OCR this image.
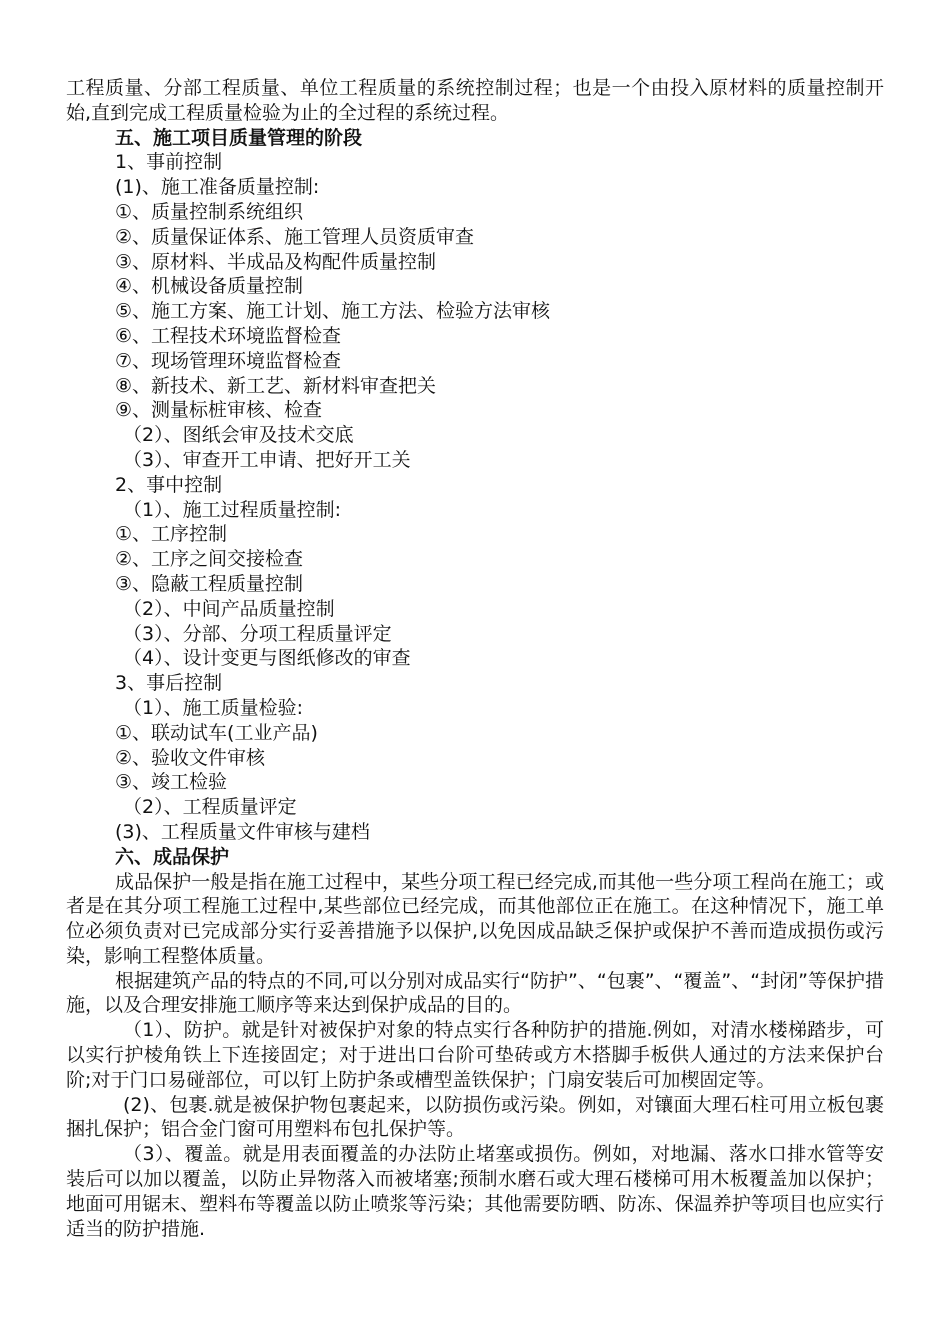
工程质量、分部工程质量、单位工程质量的系统控制过程；也是一个由投入原材料的质量控制开始,直到完成工程质量检验为止的全过程的系统过程。

五、施工项目质量管理的阶段
1、事前控制
(1)、施工准备质量控制:
①、质量控制系统组织
②、质量保证体系、施工管理人员资质审查
③、原材料、半成品及构配件质量控制
④、机械设备质量控制
⑤、施工方案、施工计划、施工方法、检验方法审核
⑥、工程技术环境监督检查
⑦、现场管理环境监督检查
⑧、新技术、新工艺、新材料审查把关
⑨、测量标桩审核、检查
（2）、图纸会审及技术交底
（3）、审查开工申请、把好开工关
2、事中控制
（1）、施工过程质量控制:
①、工序控制
②、工序之间交接检查
③、隐蔽工程质量控制
（2）、中间产品质量控制
（3）、分部、分项工程质量评定
（4）、设计变更与图纸修改的审查
3、事后控制
（1）、施工质量检验:
①、联动试车(工业产品)
②、验收文件审核
③、竣工检验
（2）、工程质量评定
(3)、工程质量文件审核与建档
六、成品保护

成品保护一般是指在施工过程中，某些分项工程已经完成,而其他一些分项工程尚在施工；或者是在其分项工程施工过程中,某些部位已经完成，而其他部位正在施工。在这种情况下，施工单位必须负责对已完成部分实行妥善措施予以保护,以免因成品缺乏保护或保护不善而造成损伤或污染，影响工程整体质量。

根据建筑产品的特点的不同,可以分别对成品实行“防护”、“包裹”、“覆盖”、“封闭”等保护措施，以及合理安排施工顺序等来达到保护成品的目的。

（1）、防护。就是针对被保护对象的特点实行各种防护的措施.例如，对清水楼梯踏步，可以实行护棱角铁上下连接固定；对于进出口台阶可垫砖或方木搭脚手板供人通过的方法来保护台阶;对于门口易碰部位，可以钉上防护条或槽型盖铁保护；门扇安装后可加楔固定等。

(2)、包裹.就是被保护物包裹起来，以防损伤或污染。例如，对镶面大理石柱可用立板包裹捆扎保护；铝合金门窗可用塑料布包扎保护等。

（3）、覆盖。就是用表面覆盖的办法防止堵塞或损伤。例如，对地漏、落水口排水管等安装后可以加以覆盖，以防止异物落入而被堵塞;预制水磨石或大理石楼梯可用木板覆盖加以保护；地面可用锯末、塑料布等覆盖以防止喷浆等污染；其他需要防晒、防冻、保温养护等项目也应实行适当的防护措施.
